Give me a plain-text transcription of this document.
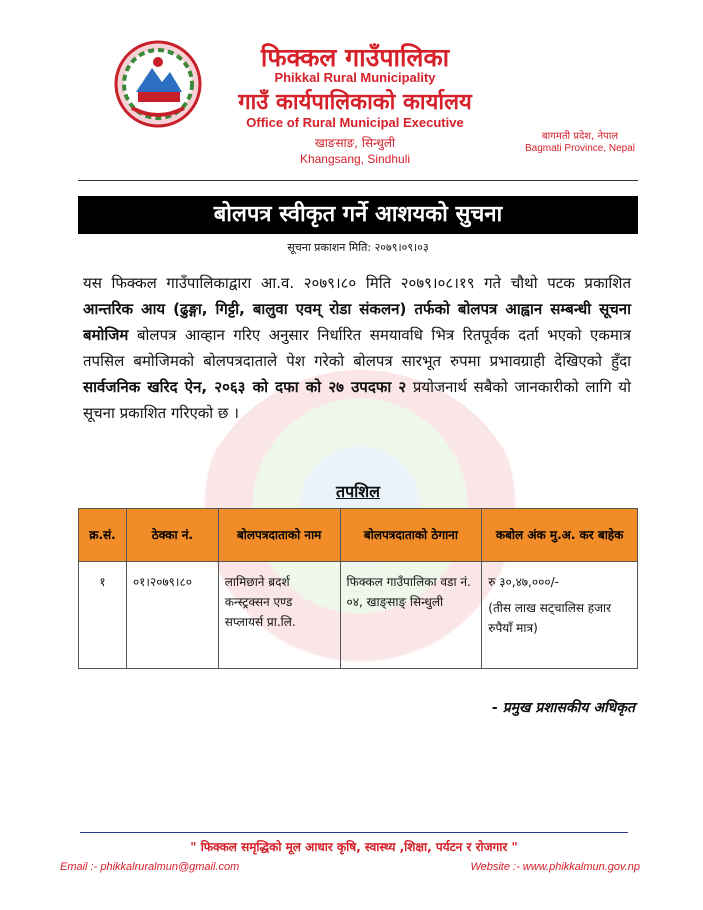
फिक्कल गाउँपालिका
Phikkal Rural Municipality
गाउँ कार्यपालिकाको कार्यालय
Office of Rural Municipal Executive
खाङसाङ, सिन्धुली
Khangsang, Sindhuli
बागमती प्रदेश, नेपाल
Bagmati Province, Nepal
बोलपत्र स्वीकृत गर्ने आशयको सुचना
सूचना प्रकाशन मिति: २०७९।०९।०३
यस फिक्कल गाउँपालिकाद्वारा आ.व. २०७९।८० मिति २०७९।०८।१९ गते चौथो पटक प्रकाशित आन्तरिक आय (ढुङ्गा, गिट्टी, बालुवा एवम् रोडा संकलन) तर्फको बोलपत्र आह्वान सम्बन्धी सूचना बमोजिम बोलपत्र आव्हान गरिए अनुसार निर्धारित समयावधि भित्र रितपूर्वक दर्ता भएको एकमात्र तपसिल बमोजिमको बोलपत्रदाताले पेश गरेको बोलपत्र सारभूत रुपमा प्रभावग्राही देखिएको हुँदा सार्वजनिक खरिद ऐन, २०६३ को दफा को २७ उपदफा २ प्रयोजनार्थ सबैको जानकारीको लागि यो सूचना प्रकाशित गरिएको छ ।
तपशिल
क्र.सं.	ठेक्का नं.	बोलपत्रदाताको नाम	बोलपत्रदाताको ठेगाना	कबोल अंक मु.अ. कर बाहेक
१	०१।२०७९।८०	लामिछाने ब्रदर्श कन्स्ट्रक्सन एण्ड सप्लायर्स प्रा.लि.	फिक्कल गाउँपालिका वडा नं. ०४, खाङ्साङ् सिन्धुली	रु ३०,४७,०००/-
(तीस लाख सट्चालिस हजार रुपैयाँ मात्र)
- प्रमुख प्रशासकीय अधिकृत
" फिक्कल समृद्धिको मूल आधार कृषि, स्वास्थ्य ,शिक्षा, पर्यटन र रोजगार "
Email :- phikkalruralmun@gmail.com	Website :- www.phikkalmun.gov.np
